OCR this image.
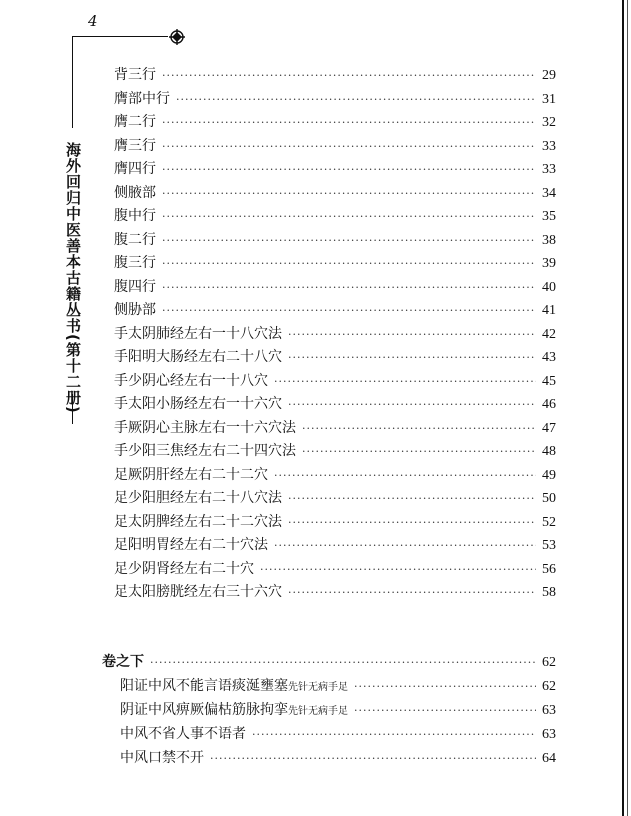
4
海外回归中医善本古籍丛书(第十二册)
背三行 ·····	29
膺部中行 ·····	31
膺二行 ·····	32
膺三行 ·····	33
膺四行 ·····	33
侧腋部 ·····	34
腹中行 ·····	35
腹二行 ·····	38
腹三行 ·····	39
腹四行 ·····	40
侧胁部 ·····	41
手太阴肺经左右一十八穴法 ·····	42
手阳明大肠经左右二十八穴 ·····	43
手少阴心经左右一十八穴 ·····	45
手太阳小肠经左右一十六穴 ·····	46
手厥阴心主脉左右一十六穴法 ·····	47
手少阳三焦经左右二十四穴法 ·····	48
足厥阴肝经左右二十二穴 ·····	49
足少阳胆经左右二十八穴法 ·····	50
足太阴脾经左右二十二穴法 ·····	52
足阳明胃经左右二十穴法 ·····	53
足少阴肾经左右二十穴 ·····	56
足太阳膀胱经左右三十六穴 ·····	58
卷之下 ·····	62
阳证中风不能言语痰涎壅塞 先针无病手足 ·····	62
阴证中风痹厥偏枯筋脉拘挛 先针无病手足 ·····	63
中风不省人事不语者 ·····	63
中风口禁不开 ·····	64
